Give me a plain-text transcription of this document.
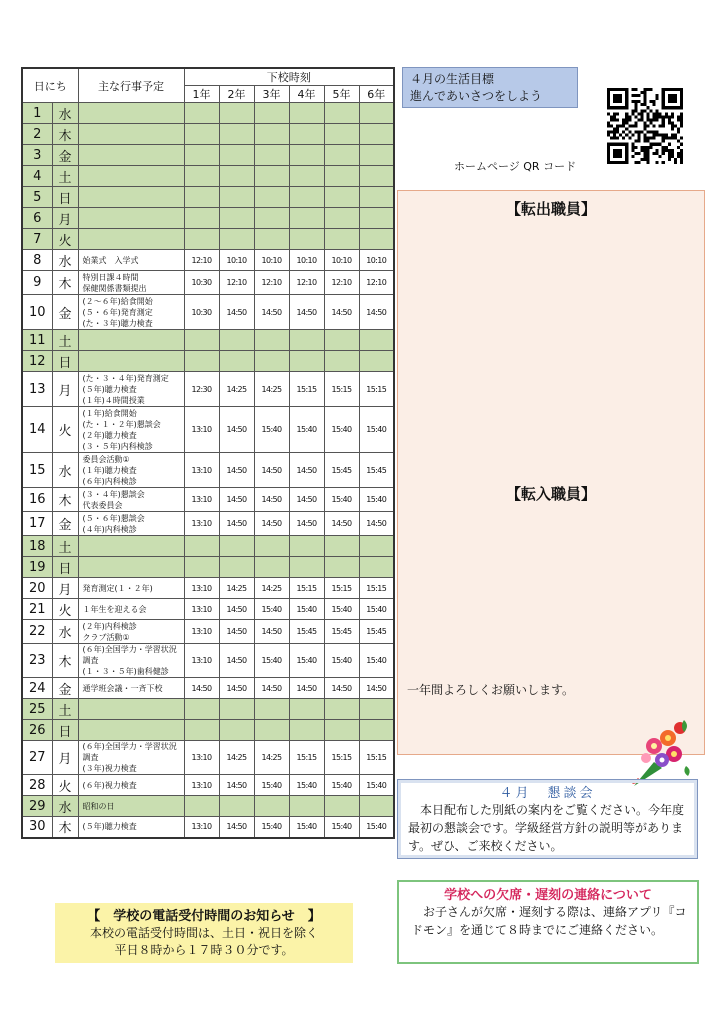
日にち		主な行事予定	下校時刻					
			1年	2年	3年	4年	5年	6年
1	水							
2	木							
3	金							
4	土							
5	日							
6	月							
7	火							
8	水	始業式　入学式	12:10	10:10	10:10	10:10	10:10	10:10
9	木	特別日課４時間
保健関係書類提出	10:30	12:10	12:10	12:10	12:10	12:10
10	金	(２～６年)給食開始
(５・６年)発育測定
(た・３年)聴力検査	10:30	14:50	14:50	14:50	14:50	14:50
11	土							
12	日							
13	月	(た・３・４年)発育測定
(５年)聴力検査
(１年)４時間授業	12:30	14:25	14:25	15:15	15:15	15:15
14	火	(１年)給食開始
(た・１・２年)懇談会
(２年)聴力検査
(３・５年)内科検診	13:10	14:50	15:40	15:40	15:40	15:40
15	水	委員会活動①
(１年)聴力検査
(６年)内科検診	13:10	14:50	14:50	14:50	15:45	15:45
16	木	(３・４年)懇談会
代表委員会	13:10	14:50	14:50	14:50	15:40	15:40
17	金	(５・６年)懇談会
(４年)内科検診	13:10	14:50	14:50	14:50	14:50	14:50
18	土							
19	日							
20	月	発育測定(１・２年)	13:10	14:25	14:25	15:15	15:15	15:15
21	火	１年生を迎える会	13:10	14:50	15:40	15:40	15:40	15:40
22	水	(２年)内科検診
クラブ活動①	13:10	14:50	14:50	15:45	15:45	15:45
23	木	(６年)全国学力・学習状況調査
(１・３・５年)歯科健診	13:10	14:50	15:40	15:40	15:40	15:40
24	金	通学班会議・一斉下校	14:50	14:50	14:50	14:50	14:50	14:50
25	土							
26	日							
27	月	(６年)全国学力・学習状況調査
(３年)視力検査	13:10	14:25	14:25	15:15	15:15	15:15
28	火	(６年)視力検査	13:10	14:50	15:40	15:40	15:40	15:40
29	水	昭和の日						
30	木	(５年)聴力検査	13:10	14:50	15:40	15:40	15:40	15:40
４月の生活目標
進んであいさつをしよう
ホームページ QR コード
【転出職員】
【転入職員】
一年間よろしくお願いします。
４月　懇談会
本日配布した別紙の案内をご覧ください。今年度最初の懇談会です。学級経営方針の説明等があります。ぜひ、ご来校ください。
学校への欠席・遅刻の連絡について
お子さんが欠席・遅刻する際は、連絡アプリ『コドモン』を通じて８時までにご連絡ください。
【　学校の電話受付時間のお知らせ　】
本校の電話受付時間は、土日・祝日を除く
平日８時から１７時３０分です。
